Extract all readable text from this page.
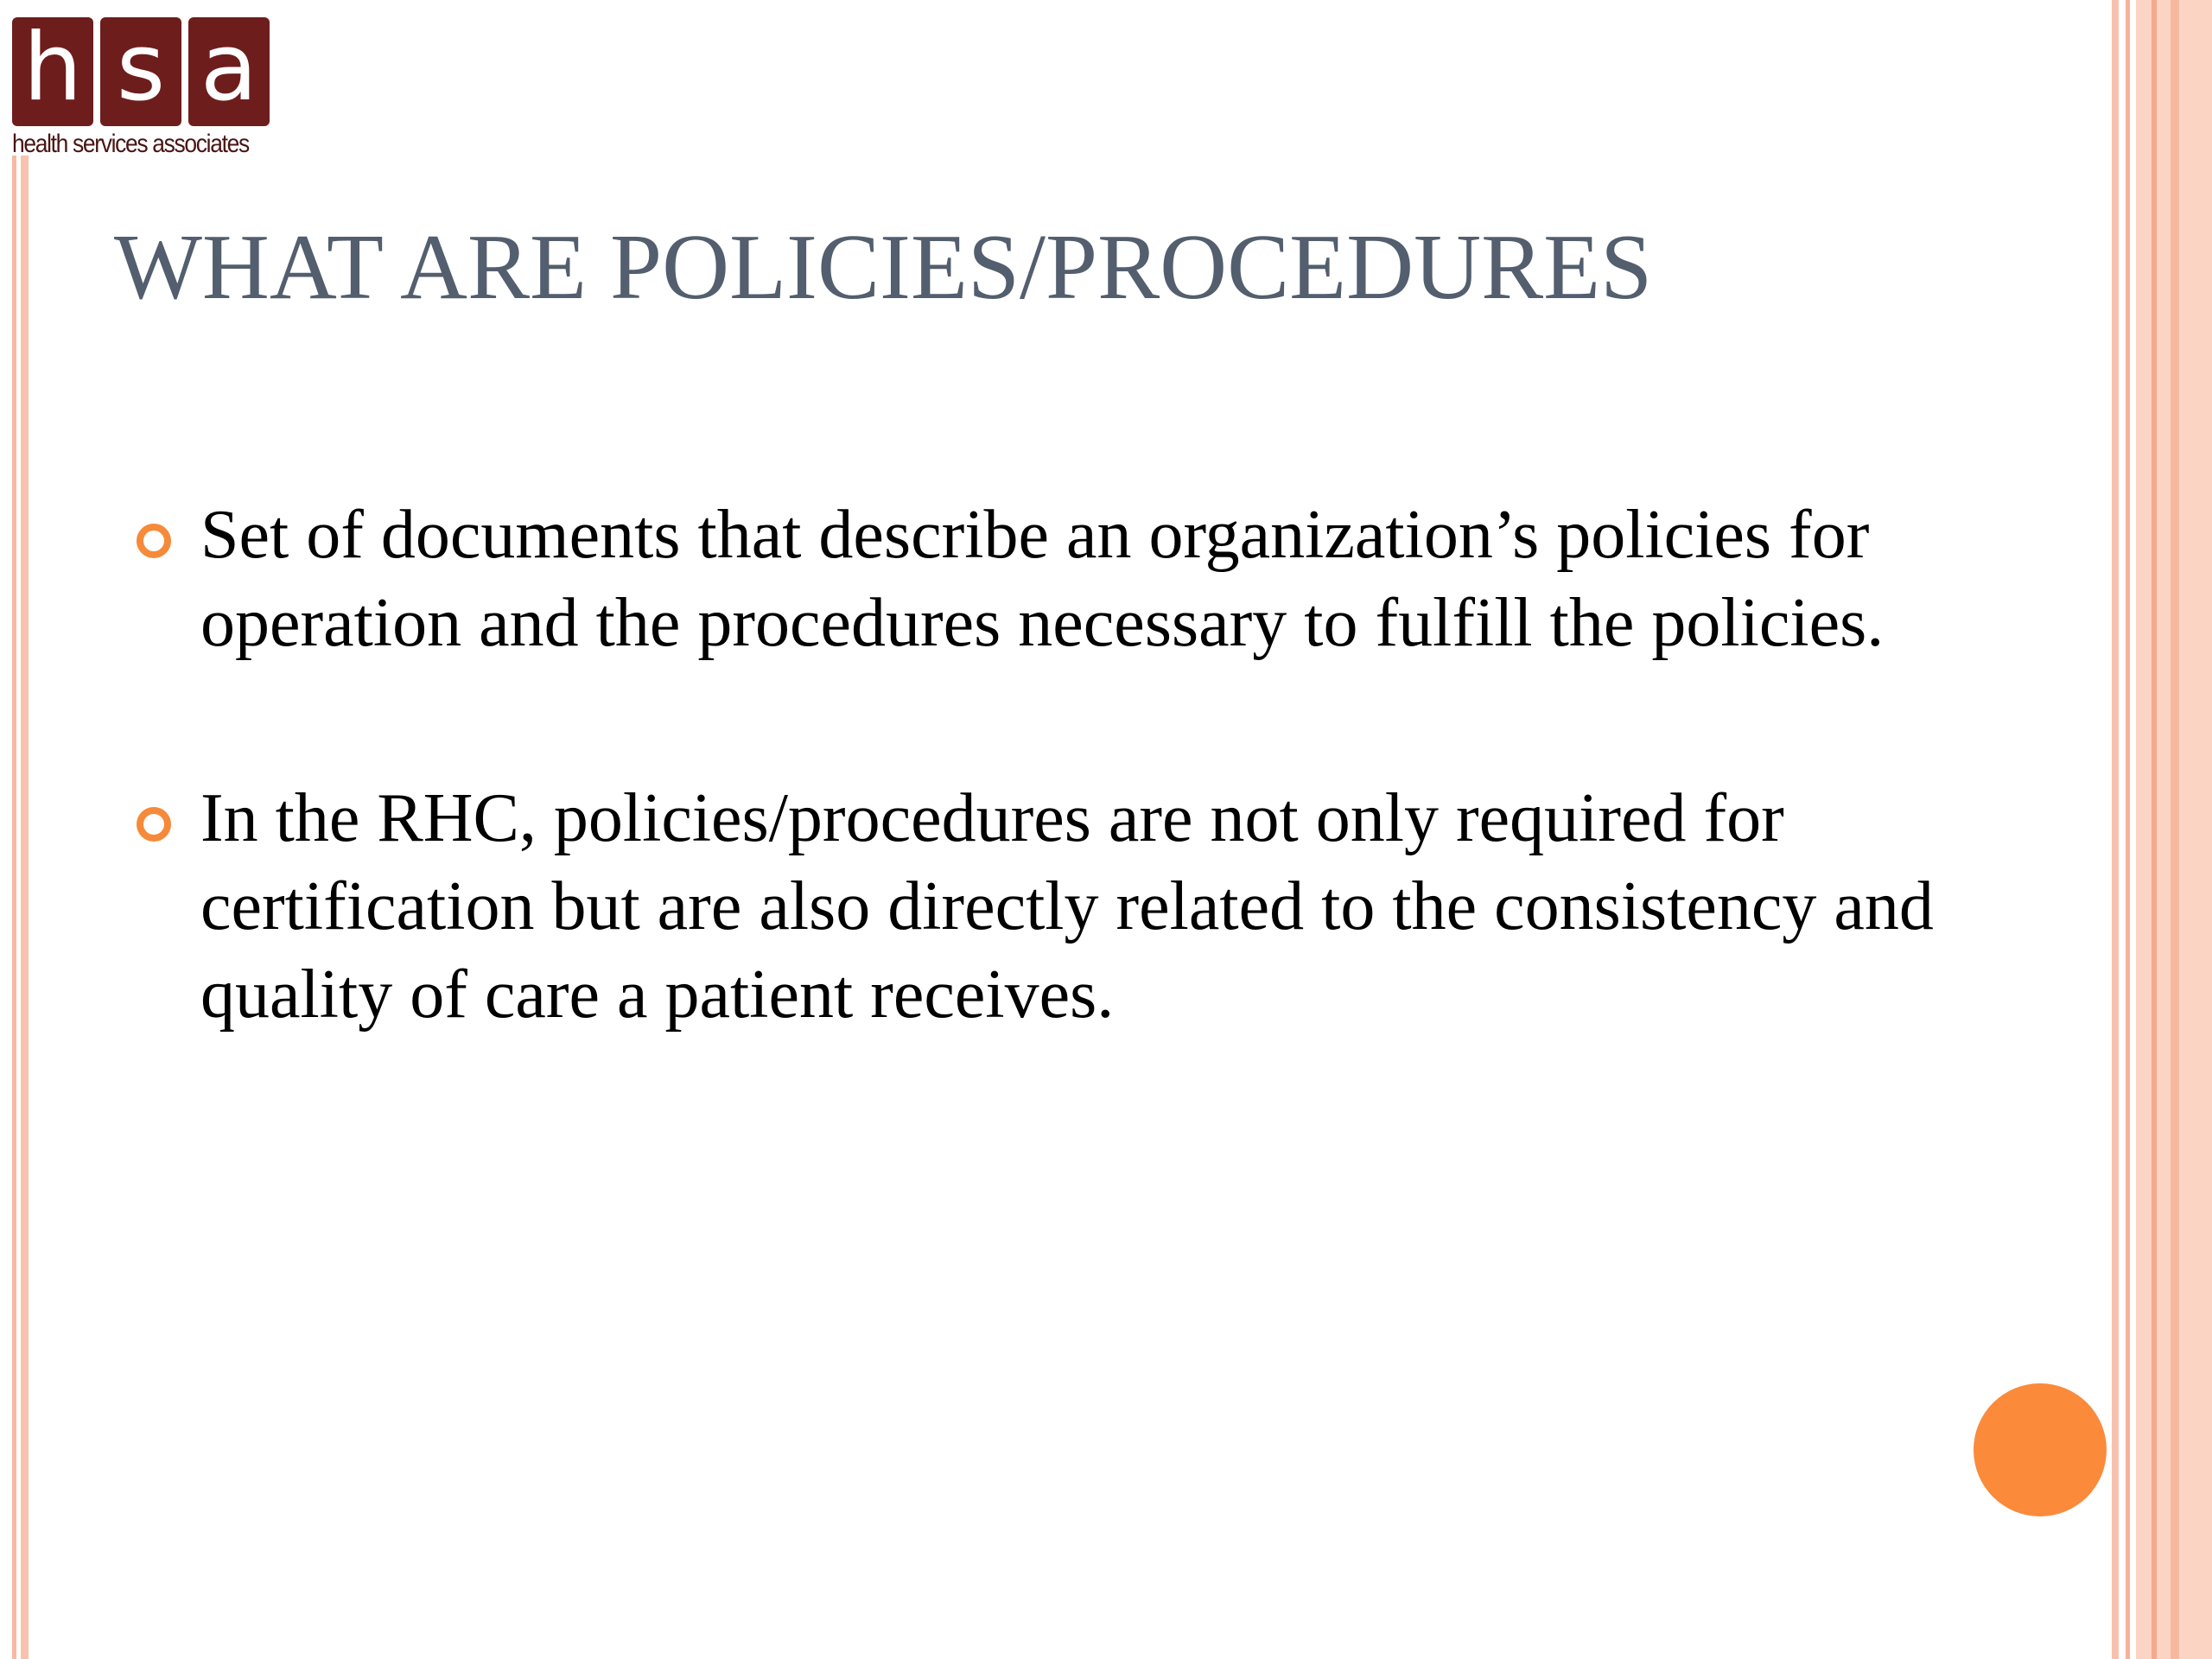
h s a
health services associates
WHAT ARE POLICIES/PROCEDURES
Set of documents that describe an organization’s policies for operation and the procedures necessary to fulfill the policies.
In the RHC, policies/procedures are not only required for certification but are also directly related to the consistency and quality of care a patient receives.
